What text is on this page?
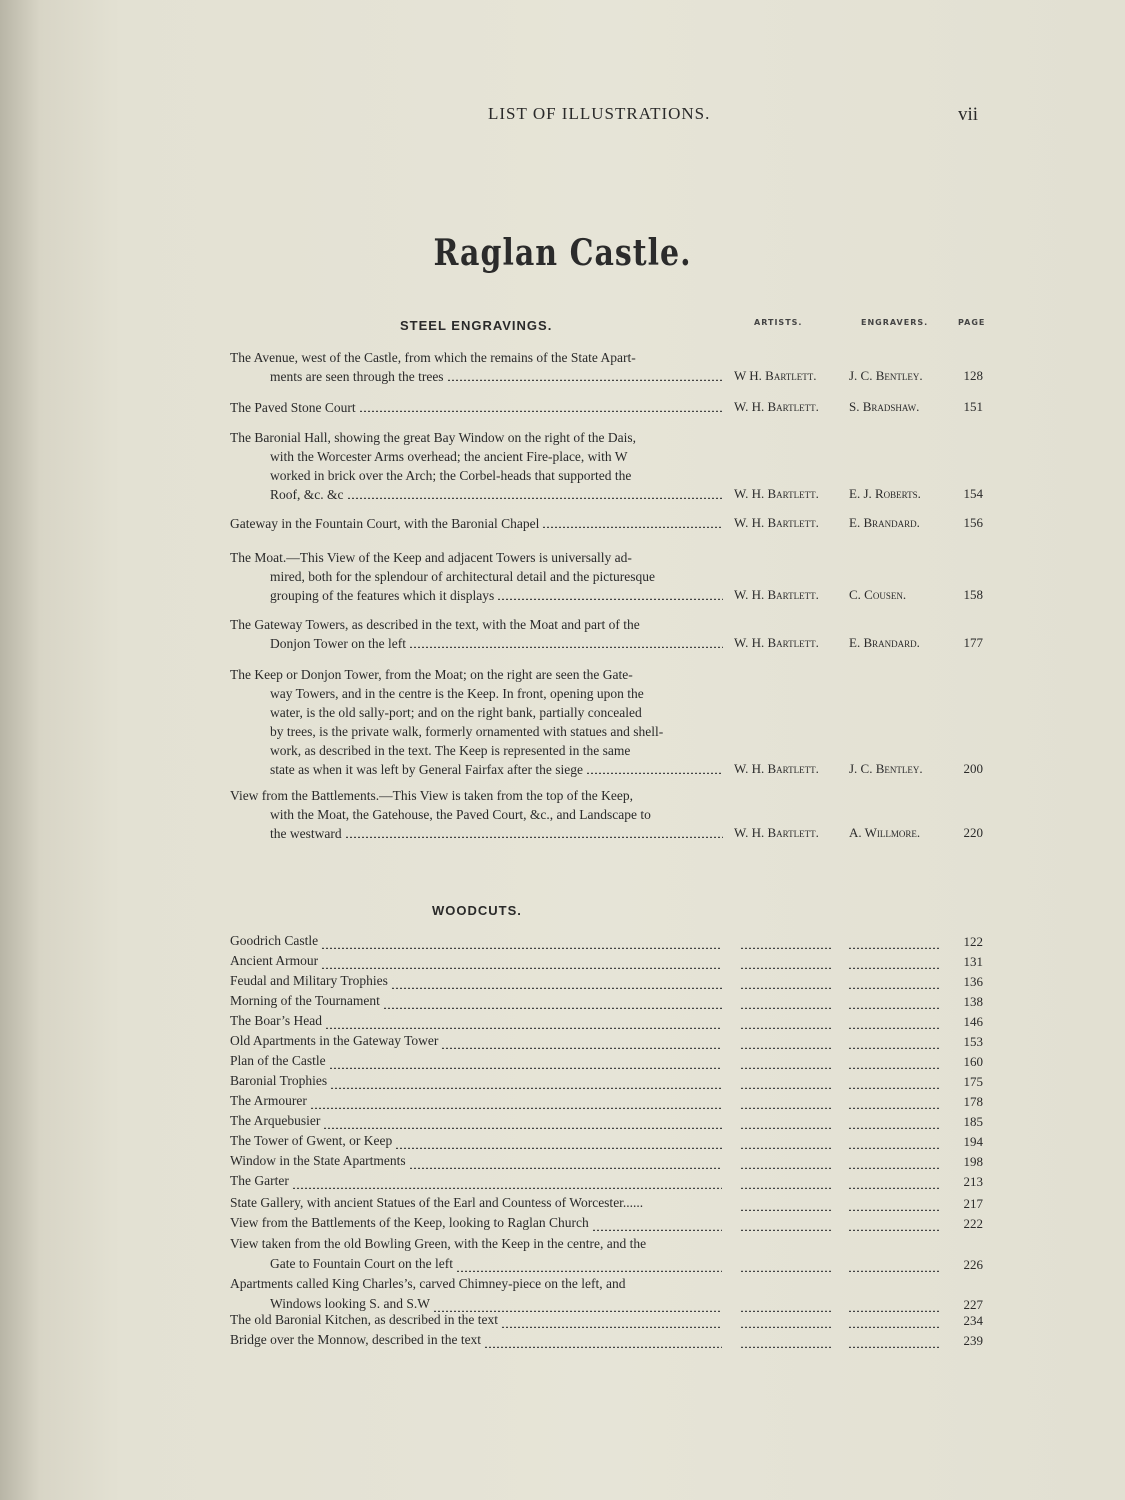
LIST OF ILLUSTRATIONS.	vii
Raglan Castle.
STEEL ENGRAVINGS.	ARTISTS.	ENGRAVERS.	PAGE
The Avenue, west of the Castle, from which the remains of the State Apart-
ments are seen through the trees	W H. Bartlett. J. C. Bentley.	128
The Paved Stone Court	W. H. Bartlett. S. Bradshaw.	151
The Baronial Hall, showing the great Bay Window on the right of the Dais,
with the Worcester Arms overhead; the ancient Fire-place, with W
worked in brick over the Arch; the Corbel-heads that supported the
Roof, &c. &c	W. H. Bartlett. E. J. Roberts.	154
Gateway in the Fountain Court, with the Baronial Chapel	W. H. Bartlett. E. Brandard.	156
The Moat.—This View of the Keep and adjacent Towers is universally ad-
mired, both for the splendour of architectural detail and the picturesque
grouping of the features which it displays	W. H. Bartlett. C. Cousen.	158
The Gateway Towers, as described in the text, with the Moat and part of the
Donjon Tower on the left	W. H. Bartlett. E. Brandard.	177
The Keep or Donjon Tower, from the Moat; on the right are seen the Gate-
way Towers, and in the centre is the Keep. In front, opening upon the
water, is the old sally-port; and on the right bank, partially concealed
by trees, is the private walk, formerly ornamented with statues and shell-
work, as described in the text. The Keep is represented in the same
state as when it was left by General Fairfax after the siege	W. H. Bartlett. J. C. Bentley.	200
View from the Battlements.—This View is taken from the top of the Keep,
with the Moat, the Gatehouse, the Paved Court, &c., and Landscape to
the westward	W. H. Bartlett. A. Willmore.	220
WOODCUTS.
Goodrich Castle	122
Ancient Armour	131
Feudal and Military Trophies	136
Morning of the Tournament	138
The Boar’s Head	146
Old Apartments in the Gateway Tower	153
Plan of the Castle	160
Baronial Trophies	175
The Armourer	178
The Arquebusier	185
The Tower of Gwent, or Keep	194
Window in the State Apartments	198
The Garter	213
State Gallery, with ancient Statues of the Earl and Countess of Worcester......	217
View from the Battlements of the Keep, looking to Raglan Church	222
View taken from the old Bowling Green, with the Keep in the centre, and the
Gate to Fountain Court on the left	226
Apartments called King Charles’s, carved Chimney-piece on the left, and
Windows looking S. and S.W	227
The old Baronial Kitchen, as described in the text	234
Bridge over the Monnow, described in the text	239
